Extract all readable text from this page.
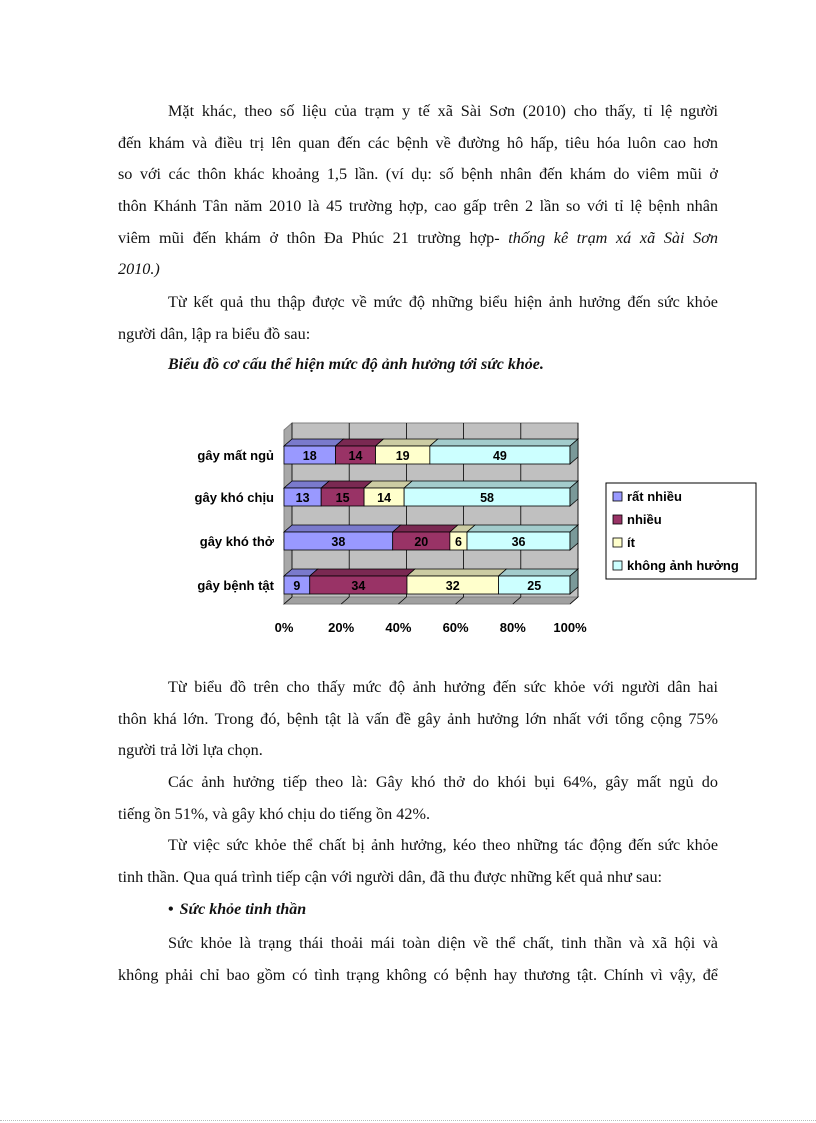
Mặt khác, theo số liệu của trạm y tế xã Sài Sơn (2010) cho thấy, tỉ lệ người
đến khám và điều trị lên quan đến các bệnh về đường hô hấp, tiêu hóa luôn cao hơn
so với các thôn khác khoảng 1,5 lần. (ví dụ: số bệnh nhân đến khám do viêm mũi ở
thôn Khánh Tân năm 2010 là 45 trường hợp, cao gấp trên 2 lần so với tỉ lệ bệnh nhân
viêm mũi đến khám ở thôn Đa Phúc 21 trường hợp- thống kê trạm xá xã Sài Sơn
2010.)
Từ kết quả thu thập được về mức độ những biểu hiện ảnh hưởng đến sức khỏe
người dân, lập ra biểu đồ sau:
Biểu đồ cơ cấu thể hiện mức độ ảnh hưởng tới sức khỏe.
0%	20% 40% 60% 80% 100%
18	14	19	49
gây mất ngủ
13 15 14	58
gây khó chịu
38	20 6	36
gây khó thở
9	34	32	25
gây bệnh tật
rất nhiều
nhiều
ít
không ảnh hưởng
Từ biểu đồ trên cho thấy mức độ ảnh hưởng đến sức khỏe với người dân hai
thôn khá lớn. Trong đó, bệnh tật là vấn đề gây ảnh hưởng lớn nhất với tổng cộng 75%
người trả lời lựa chọn.
Các ảnh hưởng tiếp theo là: Gây khó thở do khói bụi 64%, gây mất ngủ do
tiếng ồn 51%, và gây khó chịu do tiếng ồn 42%.
Từ việc sức khỏe thể chất bị ảnh hưởng, kéo theo những tác động đến sức khỏe
tinh thần. Qua quá trình tiếp cận với người dân, đã thu được những kết quả như sau:
• Sức khỏe tinh thần
Sức khỏe là trạng thái thoải mái toàn diện về thể chất, tinh thần và xã hội và
không phải chỉ bao gồm có tình trạng không có bệnh hay thương tật. Chính vì vậy, để
